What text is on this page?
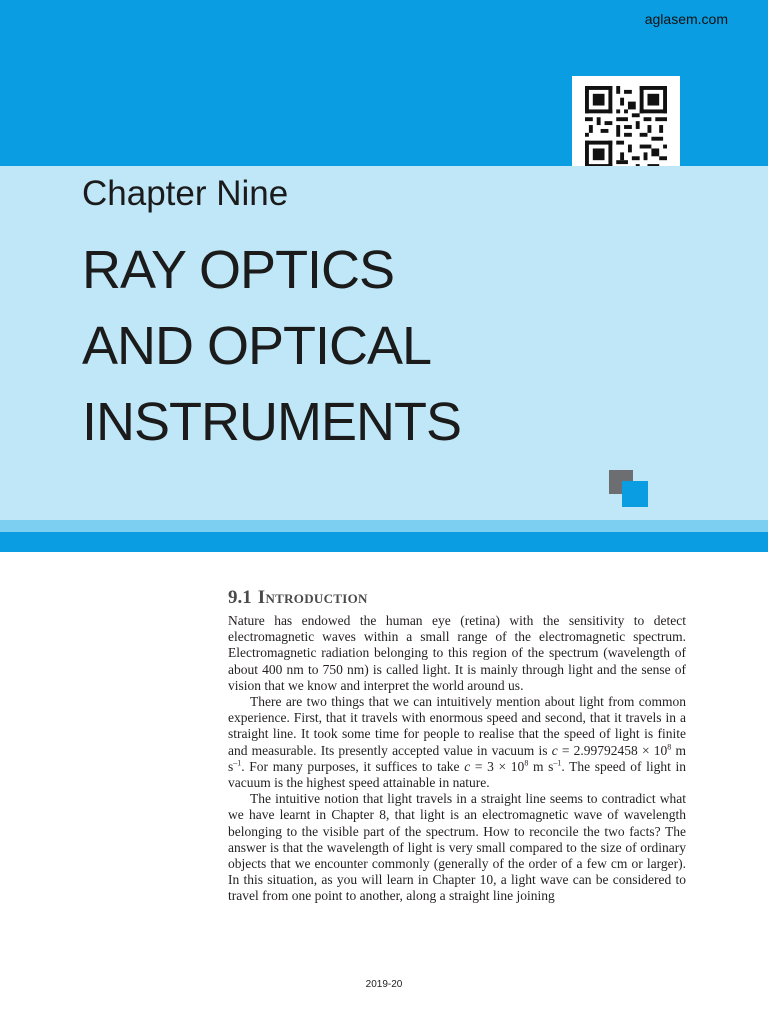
aglasem.com
Chapter Nine
RAY OPTICS
AND OPTICAL
INSTRUMENTS
9.1 Introduction

Nature has endowed the human eye (retina) with the sensitivity to detect electromagnetic waves within a small range of the electromagnetic spectrum. Electromagnetic radiation belonging to this region of the spectrum (wavelength of about 400 nm to 750 nm) is called light. It is mainly through light and the sense of vision that we know and interpret the world around us.

There are two things that we can intuitively mention about light from common experience. First, that it travels with enormous speed and second, that it travels in a straight line. It took some time for people to realise that the speed of light is finite and measurable. Its presently accepted value in vacuum is $c = 2.99792458 \times 10^8$ m $s^{-1}$. For many purposes, it suffices to take $c = 3 \times 10^8$ m $s^{-1}$. The speed of light in vacuum is the highest speed attainable in nature.

The intuitive notion that light travels in a straight line seems to contradict what we have learnt in Chapter 8, that light is an electromagnetic wave of wavelength belonging to the visible part of the spectrum. How to reconcile the two facts? The answer is that the wavelength of light is very small compared to the size of ordinary objects that we encounter commonly (generally of the order of a few cm or larger). In this situation, as you will learn in Chapter 10, a light wave can be considered to travel from one point to another, along a straight line joining

2019-20
